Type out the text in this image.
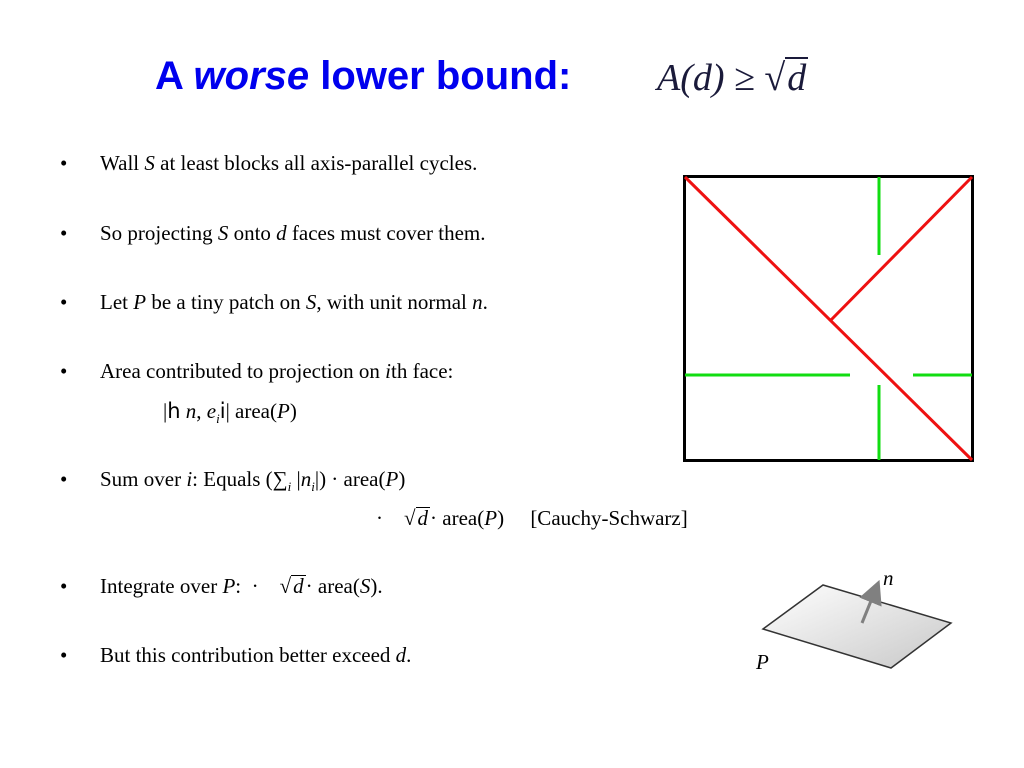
A worse lower bound: A(d) ≥ √d
• Wall S at least blocks all axis-parallel cycles.
• So projecting S onto d faces must cover them.
• Let P be a tiny patch on S, with unit normal n.
• Area contributed to projection on ith face:
|h n, $e_ii|$ area(P)
• Sum over i: Equals ($\sum_i$ $|n_i|$) · area(P)
· √d· area(P) [Cauchy-Schwarz]
• Integrate over P: · √d· area(S).
• But this contribution better exceed d.
n
P
